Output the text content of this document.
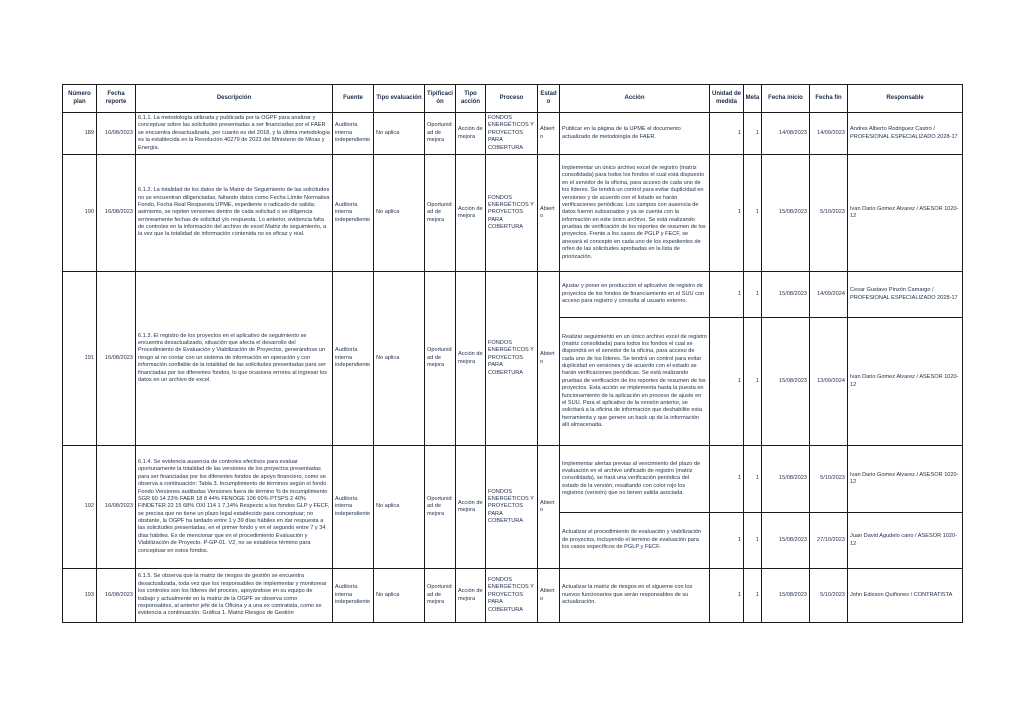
Número plan	Fecha reporte	Descripción	Fuente	Tipo evaluación	Tipificación	Tipo acción	Proceso	Estado	Acción	Unidad de medida	Meta	Fecha inicio	Fecha fin	Responsable
189	16/08/2023	6.1.1. La metodología utilizada y publicada por la OGPF para analizar y conceptuar sobre las solicitudes presentadas a ser financiadas por el FAER se encuentra desactualizada, por cuanto es del 2018, y la última metodología es la establecida en la Resolución 40279 de 2023 del Ministerio de Minas y Energía.	Auditoría interna independiente	No aplica	Oportunidad de mejora	Acción de mejora	FONDOS ENERGÉTICOS Y PROYECTOS PARA COBERTURA	Abierto	Publicar en la página de la UPME el documento actualizado de metodología de FAER.	1	1	14/08/2023	14/09/2023	Andres Alberto Rodriguez Castro / PROFESIONAL ESPECIALIZADO 2028-17
190	16/08/2023	6.1.2. La totalidad de los datos de la Matriz de Seguimiento de las solicitudes no se encuentran diligenciadas, faltando datos como Fecha Límite Normativa Fondo, Fecha Real Respuesta UPME, expediente o radicado de salida; asimismo, se repiten versiones dentro de cada solicitud o se diligencia erróneamente fechas de solicitud y/o respuesta. Lo anterior, evidencia falta de controles en la información del archivo de excel Matriz de seguimiento, a la vez que la totalidad de información contenida no es eficaz y real.	Auditoría interna independiente	No aplica	Oportunidad de mejora	Acción de mejora	FONDOS ENERGÉTICOS Y PROYECTOS PARA COBERTURA	Abierto	Implementar un único archivo excel de registro (matriz consolidada) para todos los fondos el cual está dispuesto en el servidor de la oficina, para acceso de cada uno de los líderes. Se tendrá un control para evitar duplicidad en versiones y de acuerdo con el listado se harán verificaciones periódicas. Los campos con ausencia de datos fueron subsanados y ya se cuenta con la información en este único archivo. Se está realizando pruebas de verificación de los reportes de resumen de los proyectos. Frente a los casos de PGLP y FECF, se anexará el concepto en cada uno de los expedientes de orfeo de las solicitudes aprobadas en la lista de priorización.	1	1	15/08/2023	5/10/2023	Ivan Dario Gomez Alvarez / ASESOR 1020-12
191	16/08/2023	6.1.3. El registro de los proyectos en el aplicativo de seguimiento se encuentra desactualizado, situación que afecta el desarrollo del Procedimiento de Evaluación y Viabilización de Proyectos, generándose un riesgo al no contar con un sistema de información en operación y con información confiable de la totalidad de las solicitudes presentadas para ser financiadas por los diferentes fondos, lo que ocasiona errores al ingresar los datos en un archivo de excel.	Auditoría interna independiente	No aplica	Oportunidad de mejora	Acción de mejora	FONDOS ENERGÉTICOS Y PROYECTOS PARA COBERTURA	Abierto	Ajustar y poner en producción el aplicativo de registro de proyectos de los fondos de financiamiento en el SUU con acceso para registro y consulta al usuario externo.	1	1	15/08/2023	14/09/2024	Cesar Gustavo Pinzón Camargo / PROFESIONAL ESPECIALIZADO 2028-17
									Realizar seguimiento en un único archivo excel de registro (matriz consolidada) para todos los fondos el cual se dispondrá en el servidor de la oficina, para acceso de cada uno de los líderes. Se tendrá un control para evitar duplicidad en versiones y de acuerdo con el estado se harán verificaciones periódicas. Se está realizando pruebas de verificación de los reportes de resumen de los proyectos. Esta acción se implementa hasta la puesta en funcionamiento de la aplicación en proceso de ajuste en el SUU. Para el aplicativo de la versión anterior, se solicitará a la oficina de información que deshabilite esta herramienta y que genere un back up de la información allí almacenada.	1	1	15/08/2023	13/09/2024	Ivan Dario Gomez Alvarez / ASESOR 1020-12
192	16/08/2023	6.1.4. Se evidencia ausencia de controles efectivos para evaluar oportunamente la totalidad de las versiones de los proyectos presentadas para ser financiadas por los diferentes fondos de apoyo financiero, como se observa a continuación: Tabla 3. Incumplimiento de términos según el fondo Fondo Versiones auditadas Versiones fuera de término % de incumplimiento SGR 60 14 23% FAER 18 8 44% FENOGE 106 60% PTSPS 2 40% FINDETER 22 15 68% OXI 114 1 7,14% Respecto a los fondos GLP y FECF, se precisa que no tiene un plazo legal establecido para conceptuar; no obstante, la OGPF ha tardado entre 1 y 39 días hábiles en dar respuesta a las solicitudes presentadas, en el primer fondo y en el segundo entre 7 y 34 días hábiles. Es de mencionar que en el procedimiento Evaluación y Viabilización de Proyecto. P-GP-01. V2, no se establece término para conceptuar en estos fondos.	Auditoría interna independiente	No aplica	Oportunidad de mejora	Acción de mejora	FONDOS ENERGÉTICOS Y PROYECTOS PARA COBERTURA	Abierto	Implementar alertas previas al vencimiento del plazo de evaluación en el archivo unificado de registro (matriz consolidada), se hará una verificación periódica del estado de la versión, resaltando con color rojo los registros (versión) que no tienen salida asociada.	1	1	15/08/2023	5/10/2023	Ivan Dario Gomez Alvarez / ASESOR 1020-12
									Actualizar el procedimiento de evaluación y viabilización de proyectos, incluyendo el termino de evaluación para los casos específicos de PGLP y FECF.	1	1	15/08/2023	27/10/2023	Juan David Agudelo cano / ASESOR 1020-12
193	16/08/2023	6.1.5. Se observa que la matriz de riesgos de gestión se encuentra desactualizada, toda vez que los responsables de implementar y monitorear los controles son los líderes del proceso, apoyándose en su equipo de trabajo y actualmente en la matriz de la OGPF se observa como responsables, al anterior jefe de la Oficina y a una ex contratista, como se evidencia a continuación: Gráfica 1. Matriz Riesgos de Gestión	Auditoría interna independiente	No aplica	Oportunidad de mejora	Acción de mejora	FONDOS ENERGÉTICOS Y PROYECTOS PARA COBERTURA	Abierto	Actualizar la matriz de riesgos en el sigueme con los nuevos funcionarios que serán responsables de su actualización.	1	1	15/08/2023	5/10/2023	John Edisson Quiñones / CONTRATISTA
